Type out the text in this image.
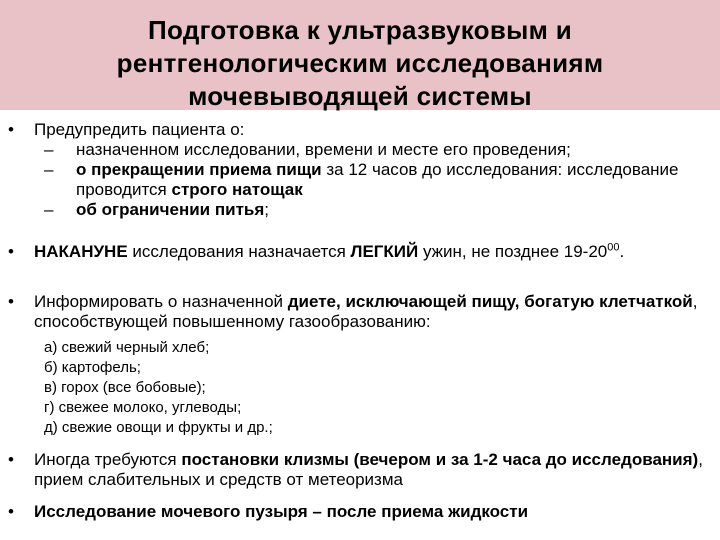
Подготовка к ультразвуковым и
рентгенологическим исследованиям
мочевыводящей системы
•	Предупредить пациента о:
– назначенном исследовании, времени и месте его проведения;
– о прекращении приема пищи за 12 часов до исследования: исследование проводится строго натощак
– об ограничении питья;
•	НАКАНУНЕ исследования назначается ЛЕГКИЙ ужин, не позднее $19-20^{00}$.
•	Информировать о назначенной диете, исключающей пищу, богатую клетчаткой, способствующей повышенному газообразованию:
а) свежий черный хлеб;
б) картофель;
в) горох (все бобовые);
г) свежее молоко, углеводы;
д) свежие овощи и фрукты и др.;
•	Иногда требуются постановки клизмы (вечером и за 1-2 часа до исследования), прием слабительных и средств от метеоризма
•	Исследование мочевого пузыря – после приема жидкости
